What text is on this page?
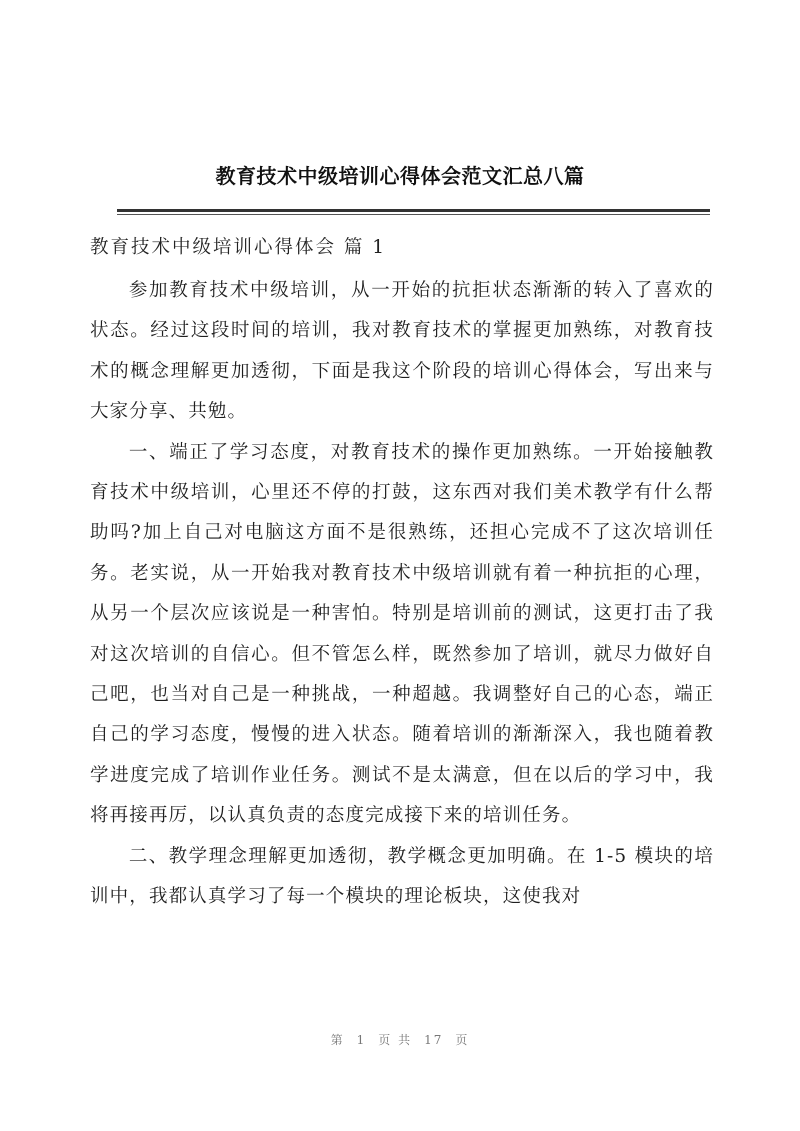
教育技术中级培训心得体会范文汇总八篇
教育技术中级培训心得体会 篇 1

参加教育技术中级培训，从一开始的抗拒状态渐渐的转入了喜欢的状态。经过这段时间的培训，我对教育技术的掌握更加熟练，对教育技术的概念理解更加透彻，下面是我这个阶段的培训心得体会，写出来与大家分享、共勉。

一、端正了学习态度，对教育技术的操作更加熟练。一开始接触教育技术中级培训，心里还不停的打鼓，这东西对我们美术教学有什么帮助吗?加上自己对电脑这方面不是很熟练，还担心完成不了这次培训任务。老实说，从一开始我对教育技术中级培训就有着一种抗拒的心理，从另一个层次应该说是一种害怕。特别是培训前的测试，这更打击了我对这次培训的自信心。但不管怎么样，既然参加了培训，就尽力做好自己吧，也当对自己是一种挑战，一种超越。我调整好自己的心态，端正自己的学习态度，慢慢的进入状态。随着培训的渐渐深入，我也随着教学进度完成了培训作业任务。测试不是太满意，但在以后的学习中，我将再接再厉，以认真负责的态度完成接下来的培训任务。

二、教学理念理解更加透彻，教学概念更加明确。在 1-5 模块的培训中，我都认真学习了每一个模块的理论板块，这使我对

第 1 页 共 17 页
